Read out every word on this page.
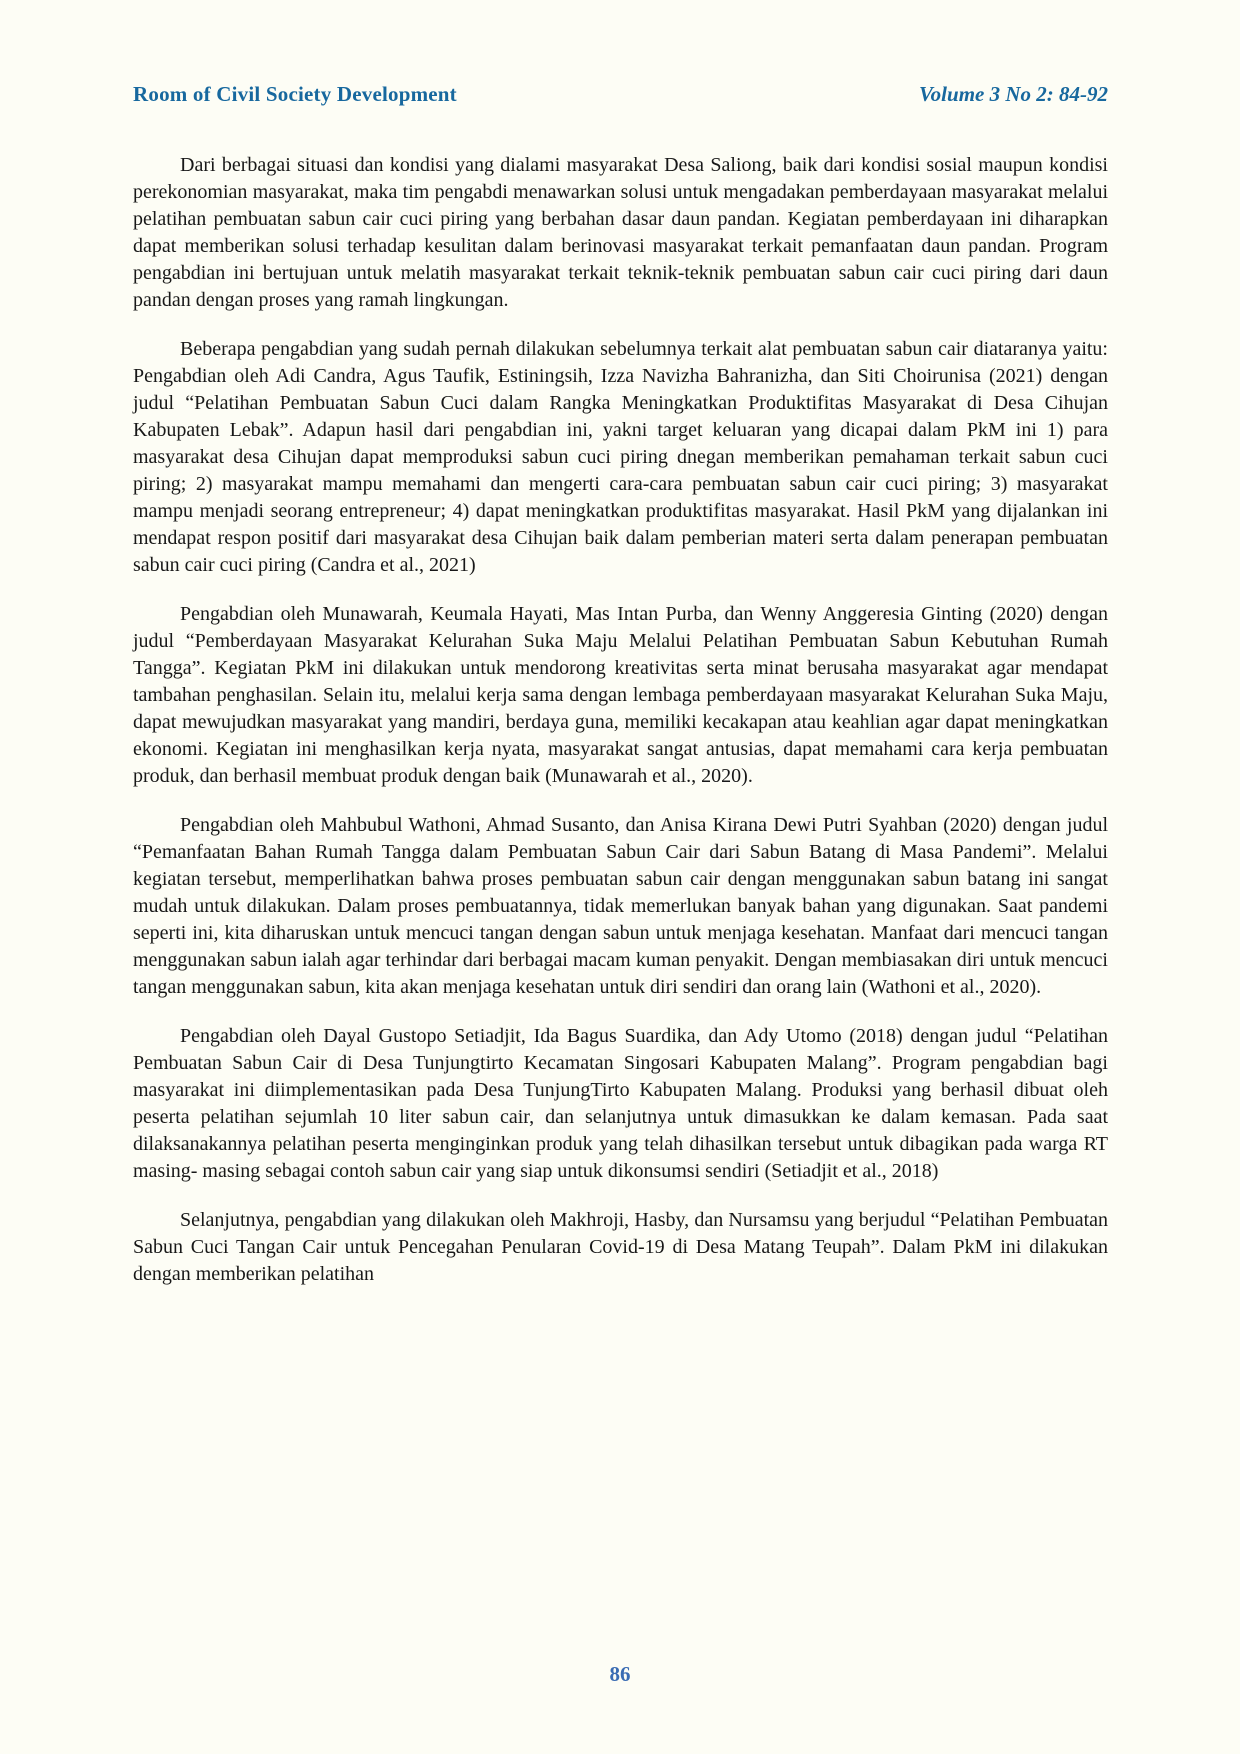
Room of Civil Society Development	Volume 3 No 2: 84-92

Dari berbagai situasi dan kondisi yang dialami masyarakat Desa Saliong, baik dari kondisi sosial maupun kondisi perekonomian masyarakat, maka tim pengabdi menawarkan solusi untuk mengadakan pemberdayaan masyarakat melalui pelatihan pembuatan sabun cair cuci piring yang berbahan dasar daun pandan. Kegiatan pemberdayaan ini diharapkan dapat memberikan solusi terhadap kesulitan dalam berinovasi masyarakat terkait pemanfaatan daun pandan. Program pengabdian ini bertujuan untuk melatih masyarakat terkait teknik-teknik pembuatan sabun cair cuci piring dari daun pandan dengan proses yang ramah lingkungan.

Beberapa pengabdian yang sudah pernah dilakukan sebelumnya terkait alat pembuatan sabun cair diataranya yaitu: Pengabdian oleh Adi Candra, Agus Taufik, Estiningsih, Izza Navizha Bahranizha, dan Siti Choirunisa (2021) dengan judul “Pelatihan Pembuatan Sabun Cuci dalam Rangka Meningkatkan Produktifitas Masyarakat di Desa Cihujan Kabupaten Lebak”. Adapun hasil dari pengabdian ini, yakni target keluaran yang dicapai dalam PkM ini 1) para masyarakat desa Cihujan dapat memproduksi sabun cuci piring dnegan memberikan pemahaman terkait sabun cuci piring; 2) masyarakat mampu memahami dan mengerti cara-cara pembuatan sabun cair cuci piring; 3) masyarakat mampu menjadi seorang entrepreneur; 4) dapat meningkatkan produktifitas masyarakat. Hasil PkM yang dijalankan ini mendapat respon positif dari masyarakat desa Cihujan baik dalam pemberian materi serta dalam penerapan pembuatan sabun cair cuci piring (Candra et al., 2021)

Pengabdian oleh Munawarah, Keumala Hayati, Mas Intan Purba, dan Wenny Anggeresia Ginting (2020) dengan judul “Pemberdayaan Masyarakat Kelurahan Suka Maju Melalui Pelatihan Pembuatan Sabun Kebutuhan Rumah Tangga”. Kegiatan PkM ini dilakukan untuk mendorong kreativitas serta minat berusaha masyarakat agar mendapat tambahan penghasilan. Selain itu, melalui kerja sama dengan lembaga pemberdayaan masyarakat Kelurahan Suka Maju, dapat mewujudkan masyarakat yang mandiri, berdaya guna, memiliki kecakapan atau keahlian agar dapat meningkatkan ekonomi. Kegiatan ini menghasilkan kerja nyata, masyarakat sangat antusias, dapat memahami cara kerja pembuatan produk, dan berhasil membuat produk dengan baik (Munawarah et al., 2020).

Pengabdian oleh Mahbubul Wathoni, Ahmad Susanto, dan Anisa Kirana Dewi Putri Syahban (2020) dengan judul “Pemanfaatan Bahan Rumah Tangga dalam Pembuatan Sabun Cair dari Sabun Batang di Masa Pandemi”. Melalui kegiatan tersebut, memperlihatkan bahwa proses pembuatan sabun cair dengan menggunakan sabun batang ini sangat mudah untuk dilakukan. Dalam proses pembuatannya, tidak memerlukan banyak bahan yang digunakan. Saat pandemi seperti ini, kita diharuskan untuk mencuci tangan dengan sabun untuk menjaga kesehatan. Manfaat dari mencuci tangan menggunakan sabun ialah agar terhindar dari berbagai macam kuman penyakit. Dengan membiasakan diri untuk mencuci tangan menggunakan sabun, kita akan menjaga kesehatan untuk diri sendiri dan orang lain (Wathoni et al., 2020).

Pengabdian oleh Dayal Gustopo Setiadjit, Ida Bagus Suardika, dan Ady Utomo (2018) dengan judul “Pelatihan Pembuatan Sabun Cair di Desa Tunjungtirto Kecamatan Singosari Kabupaten Malang”. Program pengabdian bagi masyarakat ini diimplementasikan pada Desa TunjungTirto Kabupaten Malang. Produksi yang berhasil dibuat oleh peserta pelatihan sejumlah 10 liter sabun cair, dan selanjutnya untuk dimasukkan ke dalam kemasan. Pada saat dilaksanakannya pelatihan peserta menginginkan produk yang telah dihasilkan tersebut untuk dibagikan pada warga RT masing- masing sebagai contoh sabun cair yang siap untuk dikonsumsi sendiri (Setiadjit et al., 2018)

Selanjutnya, pengabdian yang dilakukan oleh Makhroji, Hasby, dan Nursamsu yang berjudul “Pelatihan Pembuatan Sabun Cuci Tangan Cair untuk Pencegahan Penularan Covid-19 di Desa Matang Teupah”. Dalam PkM ini dilakukan dengan memberikan pelatihan

86
